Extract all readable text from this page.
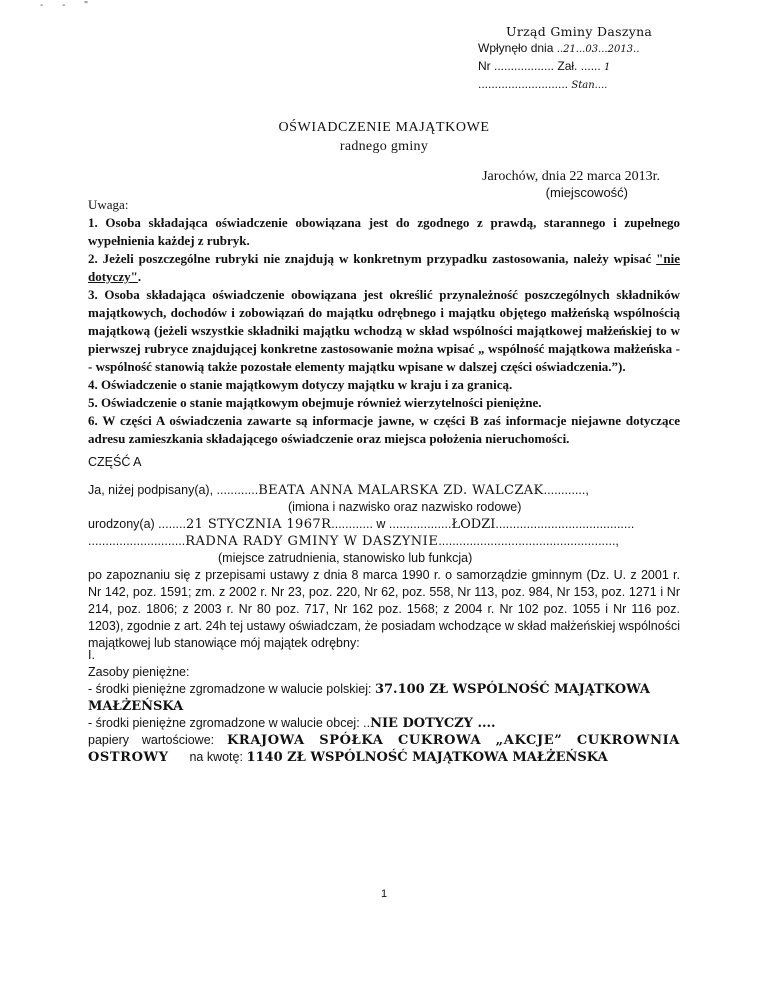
- - "
Urząd Gminy Daszyna
Wpłynęło dnia ..21...03...2013..
Nr .................. Zał. ...... 1
........................... Stan....
OŚWIADCZENIE MAJĄTKOWE
radnego gminy
Jarochów, dnia 22 marca 2013r.
(miejscowość)
Uwaga:
1. Osoba składająca oświadczenie obowiązana jest do zgodnego z prawdą, starannego i zupełnego wypełnienia każdej z rubryk.
2. Jeżeli poszczególne rubryki nie znajdują w konkretnym przypadku zastosowania, należy wpisać "nie dotyczy".
3. Osoba składająca oświadczenie obowiązana jest określić przynależność poszczególnych składników majątkowych, dochodów i zobowiązań do majątku odrębnego i majątku objętego małżeńską wspólnością majątkową (jeżeli wszystkie składniki majątku wchodzą w skład wspólności majątkowej małżeńskiej to w pierwszej rubryce znajdującej konkretne zastosowanie można wpisać „ wspólność majątkowa małżeńska -- wspólność stanowią także pozostałe elementy majątku wpisane w dalszej części oświadczenia.”).
4. Oświadczenie o stanie majątkowym dotyczy majątku w kraju i za granicą.
5. Oświadczenie o stanie majątkowym obejmuje również wierzytelności pieniężne.
6. W części A oświadczenia zawarte są informacje jawne, w części B zaś informacje niejawne dotyczące adresu zamieszkania składającego oświadczenie oraz miejsca położenia nieruchomości.
CZĘŚĆ A
Ja, niżej podpisany(a), ............BEATA ANNA MALARSKA ZD. WALCZAK............,
(imiona i nazwisko oraz nazwisko rodowe)
urodzony(a) ........21 STYCZNIA 1967R............ w ..................ŁODZI........................................
............................RADNA RADY GMINY W DASZYNIE...................................................,
(miejsce zatrudnienia, stanowisko lub funkcja)
po zapoznaniu się z przepisami ustawy z dnia 8 marca 1990 r. o samorządzie gminnym (Dz. U. z 2001 r. Nr 142, poz. 1591; zm. z 2002 r. Nr 23, poz. 220, Nr 62, poz. 558, Nr 113, poz. 984, Nr 153, poz. 1271 i Nr 214, poz. 1806; z 2003 r. Nr 80 poz. 717, Nr 162 poz. 1568; z 2004 r. Nr 102 poz. 1055 i Nr 116 poz. 1203), zgodnie z art. 24h tej ustawy oświadczam, że posiadam wchodzące w skład małżeńskiej wspólności majątkowej lub stanowiące mój majątek odrębny:
I.
Zasoby pieniężne:
- środki pieniężne zgromadzone w walucie polskiej: 37.100 ZŁ WSPÓLNOŚĆ MAJĄTKOWA MAŁŻEŃSKA
- środki pieniężne zgromadzone w walucie obcej: ..NIE DOTYCZY ....
papiery wartościowe: KRAJOWA SPÓŁKA CUKROWA „AKCJE” CUKROWNIA OSTROWY na kwotę: 1140 ZŁ WSPÓLNOŚĆ MAJĄTKOWA MAŁŻEŃSKA
1
